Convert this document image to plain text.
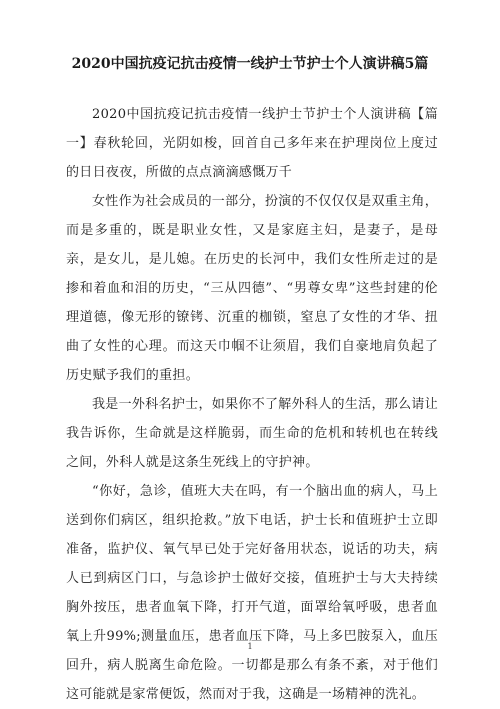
2020中国抗疫记抗击疫情一线护士节护士个人演讲稿5篇

2020中国抗疫记抗击疫情一线护士节护士个人演讲稿【篇一】春秋轮回，光阴如梭，回首自己多年来在护理岗位上度过的日日夜夜，所做的点点滴滴感慨万千

女性作为社会成员的一部分，扮演的不仅仅仅是双重主角，而是多重的，既是职业女性，又是家庭主妇，是妻子，是母亲，是女儿，是儿媳。在历史的长河中，我们女性所走过的是掺和着血和泪的历史，“三从四德”、“男尊女卑”这些封建的伦理道德，像无形的镣铐、沉重的枷锁，窒息了女性的才华、扭曲了女性的心理。而这天巾帼不让须眉，我们自豪地肩负起了历史赋予我们的重担。

我是一外科名护士，如果你不了解外科人的生活，那么请让我告诉你，生命就是这样脆弱，而生命的危机和转机也在转线之间，外科人就是这条生死线上的守护神。

“你好，急诊，值班大夫在吗，有一个脑出血的病人，马上送到你们病区，组织抢救。”放下电话，护士长和值班护士立即准备，监护仪、氧气早已处于完好备用状态，说话的功夫，病人已到病区门口，与急诊护士做好交接，值班护士与大夫持续胸外按压，患者血氧下降，打开气道，面罩给氧呼吸，患者血氧上升99%;测量血压，患者血压下降，马上多巴胺泵入，血压回升，病人脱离生命危险。一切都是那么有条不紊，对于他们这可能就是家常便饭，然而对于我，这确是一场精神的洗礼。

1
